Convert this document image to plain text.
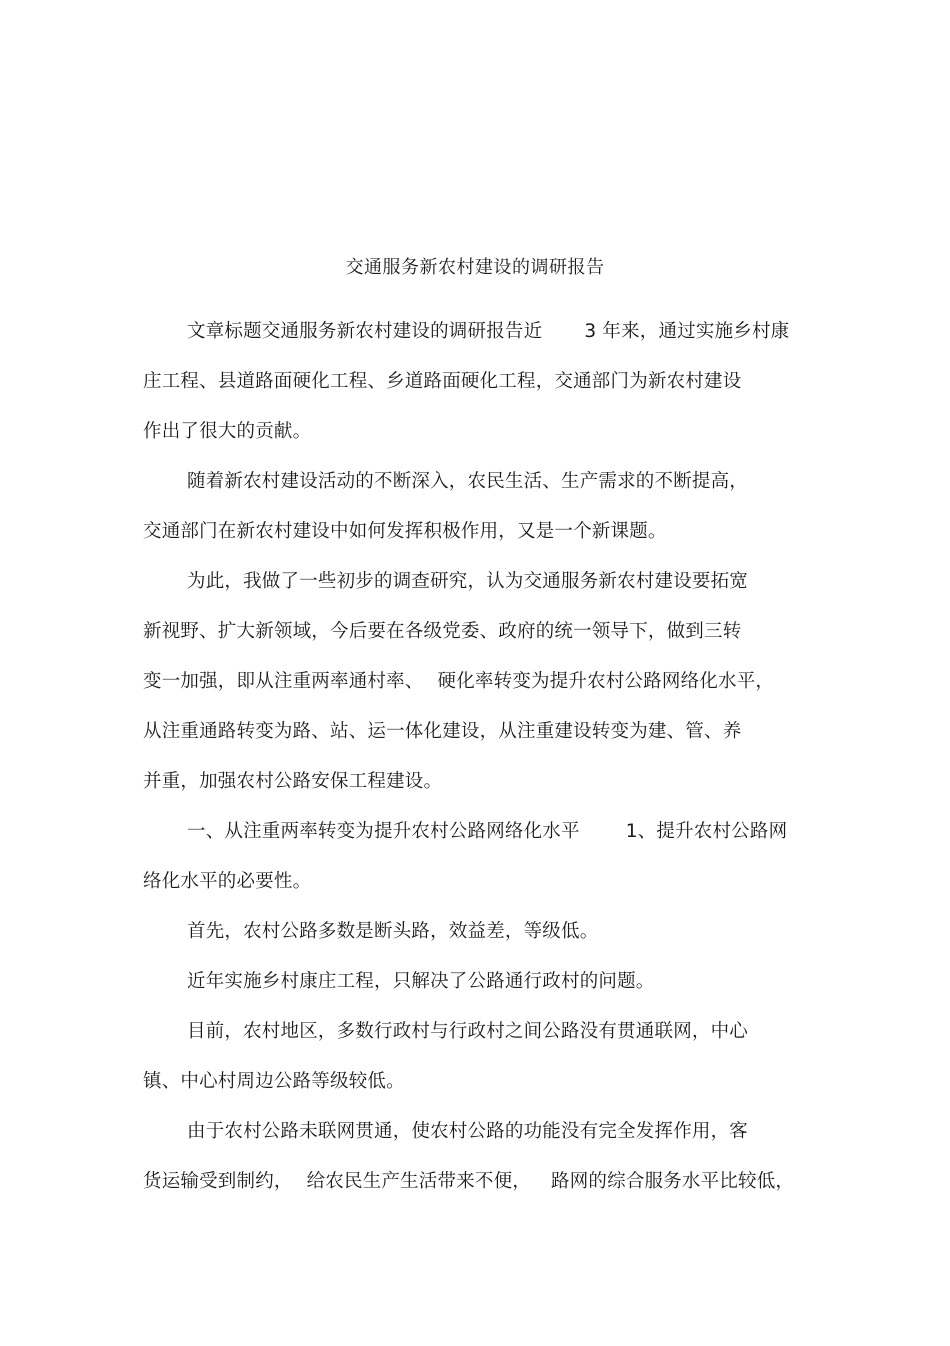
交通服务新农村建设的调研报告
文章标题交通服务新农村建设的调研报告近 3 年来，通过实施乡村康
庄工程、县道路面硬化工程、乡道路面硬化工程，交通部门为新农村建设
作出了很大的贡献。
随着新农村建设活动的不断深入，农民生活、生产需求的不断提高，
交通部门在新农村建设中如何发挥积极作用，又是一个新课题。
为此，我做了一些初步的调查研究，认为交通服务新农村建设要拓宽
新视野、扩大新领域，今后要在各级党委、政府的统一领导下，做到三转
变一加强，即从注重两率通村率、 硬化率转变为提升农村公路网络化水平，
从注重通路转变为路、站、运一体化建设，从注重建设转变为建、管、养
并重，加强农村公路安保工程建设。
一、从注重两率转变为提升农村公路网络化水平 1、提升农村公路网
络化水平的必要性。
首先，农村公路多数是断头路，效益差，等级低。
近年实施乡村康庄工程，只解决了公路通行政村的问题。
目前，农村地区，多数行政村与行政村之间公路没有贯通联网，中心
镇、中心村周边公路等级较低。
由于农村公路未联网贯通，使农村公路的功能没有完全发挥作用，客
货运输受到制约， 给农民生产生活带来不便， 路网的综合服务水平比较低，
